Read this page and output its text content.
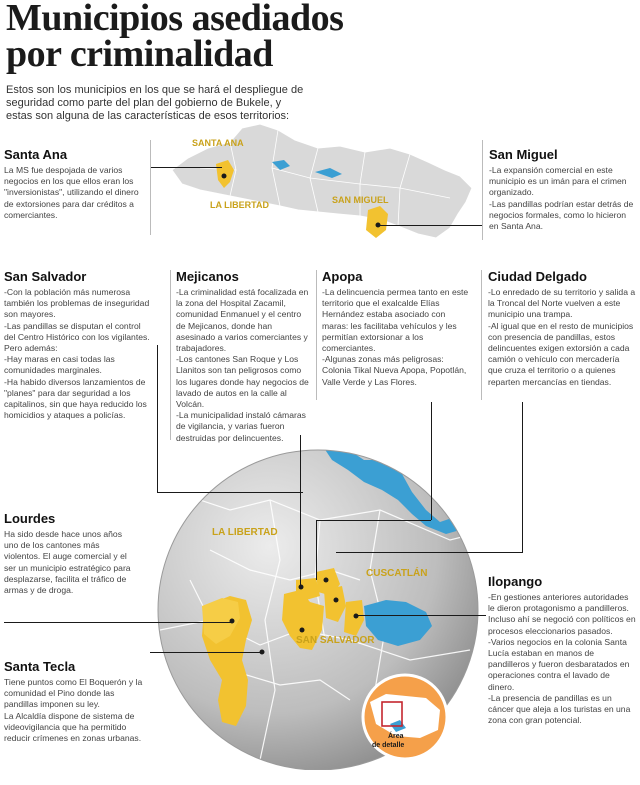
Municipios asediados
por criminalidad

Estos son los municipios en los que se hará el despliegue de seguridad como parte del plan del gobierno de Bukele, y estas son alguna de las características de esos territorios:

SANTA ANA
LA LIBERTAD	SAN MIGUEL
Santa Ana

La MS fue despojada de varios negocios en los que ellos eran los "inversionistas", utilizando el dinero de extorsiones para dar créditos a comerciantes.

San Miguel
-La expansión comercial en este municipio es un imán para el crimen organizado.
-Las pandillas podrían estar detrás de negocios formales, como lo hicieron en Santa Ana.
San Salvador
-Con la población más numerosa también los problemas de inseguridad son mayores.
-Las pandillas se disputan el control del Centro Histórico con los vigilantes. Pero además:
-Hay maras en casi todas las comunidades marginales.
-Ha habido diversos lanzamientos de "planes" para dar seguridad a los capitalinos, sin que haya reducido los homicidios y ataques a policías.
Mejicanos
-La criminalidad está focalizada en la zona del Hospital Zacamil, comunidad Enmanuel y el centro de Mejicanos, donde han asesinado a varios comerciantes y trabajadores.
-Los cantones San Roque y Los Llanitos son tan peligrosos como los lugares donde hay negocios de lavado de autos en la calle al Volcán.
-La municipalidad instaló cámaras de vigilancia, y varias fueron destruidas por delincuentes.
Apopa
-La delincuencia permea tanto en este territorio que el exalcalde Elías Hernández estaba asociado con maras: les facilitaba vehículos y les permitían extorsionar a los comerciantes.
-Algunas zonas más peligrosas: Colonia Tikal Nueva Apopa, Popotlán, Valle Verde y Las Flores.
Ciudad Delgado
-Lo enredado de su territorio y salida a la Troncal del Norte vuelven a este municipio una trampa.
-Al igual que en el resto de municipios con presencia de pandillas, estos delincuentes exigen extorsión a cada camión o vehículo con mercadería que cruza el territorio o a quienes reparten mercancías en tiendas.
LA LIBERTAD
CUSCATLÁN
SAN SALVADOR
Lourdes

Ha sido desde hace unos años uno de los cantones más violentos. El auge comercial y el ser un municipio estratégico para desplazarse, facilita el tráfico de armas y de droga.

Ilopango
-En gestiones anteriores autoridades le dieron protagonismo a pandilleros. Incluso ahí se negoció con políticos en procesos eleccionarios pasados.
-Varios negocios en la colonia Santa Lucía estaban en manos de pandilleros y fueron desbaratados en operaciones contra el lavado de dinero.
-La presencia de pandillas es un cáncer que aleja a los turistas en una zona con gran potencial.
Santa Tecla

Tiene puntos como El Boquerón y la comunidad el Pino donde las pandillas imponen su ley.

La Alcaldía dispone de sistema de videovigilancia que ha permitido reducir crímenes en zonas urbanas.	Área
de detalle
